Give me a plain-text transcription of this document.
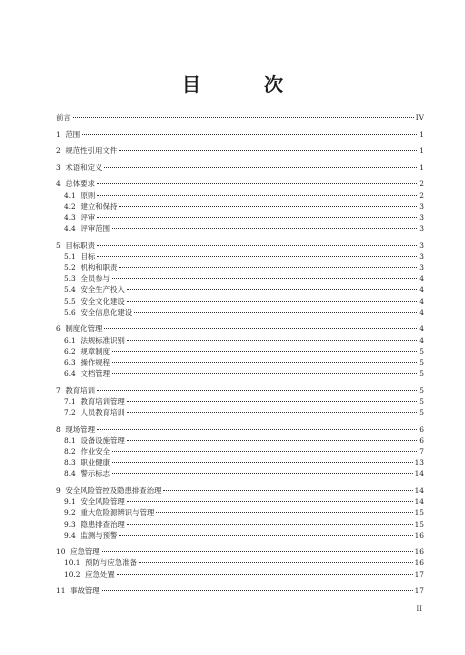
目　次
前言	IV
1  范围	1
2  规范性引用文件	1
3  术语和定义	1
4  总体要求	2
4.1  原则	2
4.2  建立和保持	3
4.3  评审	3
4.4  评审范围	3
5  目标职责	3
5.1  目标	3
5.2  机构和职责	3
5.3  全员参与	4
5.4  安全生产投入	4
5.5  安全文化建设	4
5.6  安全信息化建设	4
6  制度化管理	4
6.1  法规标准识别	4
6.2  规章制度	5
6.3  操作规程	5
6.4  文档管理	5
7  教育培训	5
7.1  教育培训管理	5
7.2  人员教育培训	5
8  现场管理	6
8.1  设备设施管理	6
8.2  作业安全	7
8.3  职业健康	13
8.4  警示标志	14
9  安全风险管控及隐患排查治理	14
9.1  安全风险管理	14
9.2  重大危险源辨识与管理	15
9.3  隐患排查治理	15
9.4  监测与预警	16
10  应急管理	16
10.1  预防与应急准备	16
10.2  应急处置	17
11  事故管理	17
II
